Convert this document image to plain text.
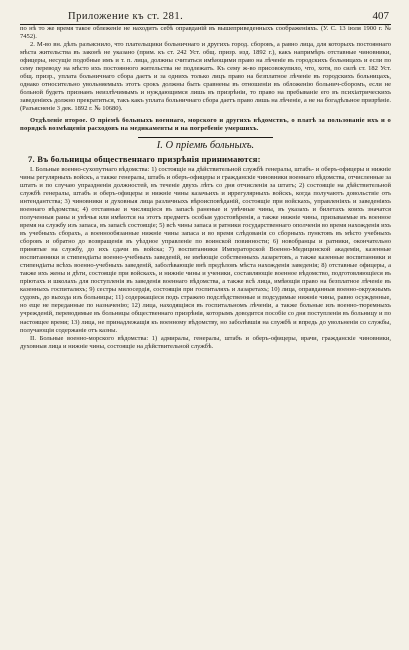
Приложение къ ст. 281.	407

по нѣ то же время такое облеженіе не находитъ себѣ оправданій въ вышеприведенныхъ соображеніяхъ. (У. С. 13 іюля 1900 г. № 7452).

2. М-во вн. дѣлъ разъяснило, что плательщики больничнаго и другихъ город. сборовъ, а равно лица, для которыхъ постояннаго мѣста жительства въ законѣ не указано (прим. къ ст. 242 Уст. общ. призр. изд. 1892 г.), какъ напримѣръ отставные чиновники, офицеры, несущіе подобные имъ и т. п. лица, должны считаться имѣющими право на лѣченіе въ городскихъ больницахъ и если по сему переводу на мѣсто ихъ постоянного жительства не подлежатъ. Къ сему ж-во присовокупило, что, хотя, по силѣ ст. 182 Уст. общ. призр., уплата больничнаго сбора даетъ и за однихъ только лицъ право на безплатное лѣченіе въ городскихъ больницахъ, однако относительно увольняемыхъ этотъ срокъ должны быть сравнены въ отношеніи въ обложенію больнич-сборомъ, если не больной будетъ признанъ неизлѣчимымъ и нуждающимся лишь въ призрѣніи, то право на пребываніе его въ психіатрическихъ заведеніяхъ должно прекратиться, такъ какъ уплата больничнаго сбора даетъ право лишь на лѣченіе, а не на богадѣльное призрѣніе. (Разъясненіе 3 дек. 1892 г. № 10680).

Отдѣленіе второе. О пріемѣ больныхъ военнаго, морского и другихъ вѣдомствъ, о платѣ за пользованіе ихъ и о порядкѣ возмѣщенія расходовъ на медикаменты и на погребеніе умершихъ.

I. О пріемѣ больныхъ.
7. Въ больницы общественнаго призрѣнія принимаются:

I. Больные военно-сухопутнаго вѣдомства: 1) состоящіе на дѣйствительной службѣ генералы, штабъ- и оберъ-офицеры и нижніе чины регулярныхъ войскъ, а также генералы, штабъ и оберъ-офицеры и гражданскіе чиновники военнаго вѣдомства, отчисленные за штатъ и по случаю упраздненія должностей, въ теченіе двухъ лѣтъ со дня отчисленія за штатъ; 2) состоящіе на дѣйствительной службѣ генералы, штабъ и оберъ-офицеры и нижніе чины казачьихъ и иррегулярныхъ войскъ, когда получаютъ довольствіе отъ интендантства; 3) чиновники и духовныя лица различныхъ вѣроисповѣданій, состоящіе при войскахъ, управленіяхъ и заведеніяхъ военнаго вѣдомства; 4) отставные и числящіеся въ запасѣ раненые и увѣчные чины, въ указахъ и билетахъ коихъ значатся полученныя раны и увѣчья или имѣются на этотъ предметъ особыя удостовѣренія, а также нижніе чины, призываемые въ военное время на службу изъ запаса, въ запасѣ состоящіе; 5) всѣ чины запаса и ратники государственнаго ополченія во время нахожденія ихъ въ учебныхъ сборахъ, а военнообязанные нижніе чины запаса и во время слѣдованія со сборныхъ пунктовъ въ мѣсто учебныхъ сборовъ и обратно до возвращенія въ уѣздное управленіе по воинской повинности; 6) новобранцы и ратники, окончательно принятые на службу, до ихъ сдачи въ войска; 7) воспитанники Императорской Военно-Медицинской академіи, казенные воспитанники и стипендіаты военно-учебныхъ заведеній, не имѣющіе собственныхъ лазаретовъ, а также казенные воспитанники и стипендіаты всѣхъ военно-учебныхъ заведеній, заболѣвающіе внѣ предѣловъ мѣста нахожденія заведенія; 8) отставные офицеры, а также ихъ жены и дѣти, состоящіе при войскахъ, и нижніе чины и ученики, составляющіе военное вѣдомство, подготовляющіеся въ пріютахъ и школахъ для поступленія въ заведенія военнаго вѣдомства, а также всѣ лица, имѣющія право на безплатное лѣченіе въ казенныхъ госпиталяхъ; 9) сестры милосердія, состоящія при госпиталяхъ и лазаретахъ; 10) лица, оправданныя военно-окружнымъ судомъ, до выхода изъ больницы; 11) содержащіеся подъ стражею подслѣдственные и подсудимые нижніе чины, равно осужденные, но еще не переданные по назначенію; 12) лица, находящіяся въ госпитальномъ лѣченіи, а также больные изъ военно-тюремныхъ учрежденій, переводимые въ больницы общественнаго призрѣнія, которымъ доводится пособіе со дня поступленія въ больницу и по настоящее время; 13) лица, не принадлежащія къ военному вѣдомству, но заболѣвшія на службѣ и впредь до увольненія со службы, получающія содержаніе отъ казны.

II. Больные военно-морского вѣдомства: 1) адмиралы, генералы, штабъ и оберъ-офицеры, врачи, гражданскіе чиновники, духовныя лица и нижніе чины, состоящіе на дѣйствительной службѣ.
